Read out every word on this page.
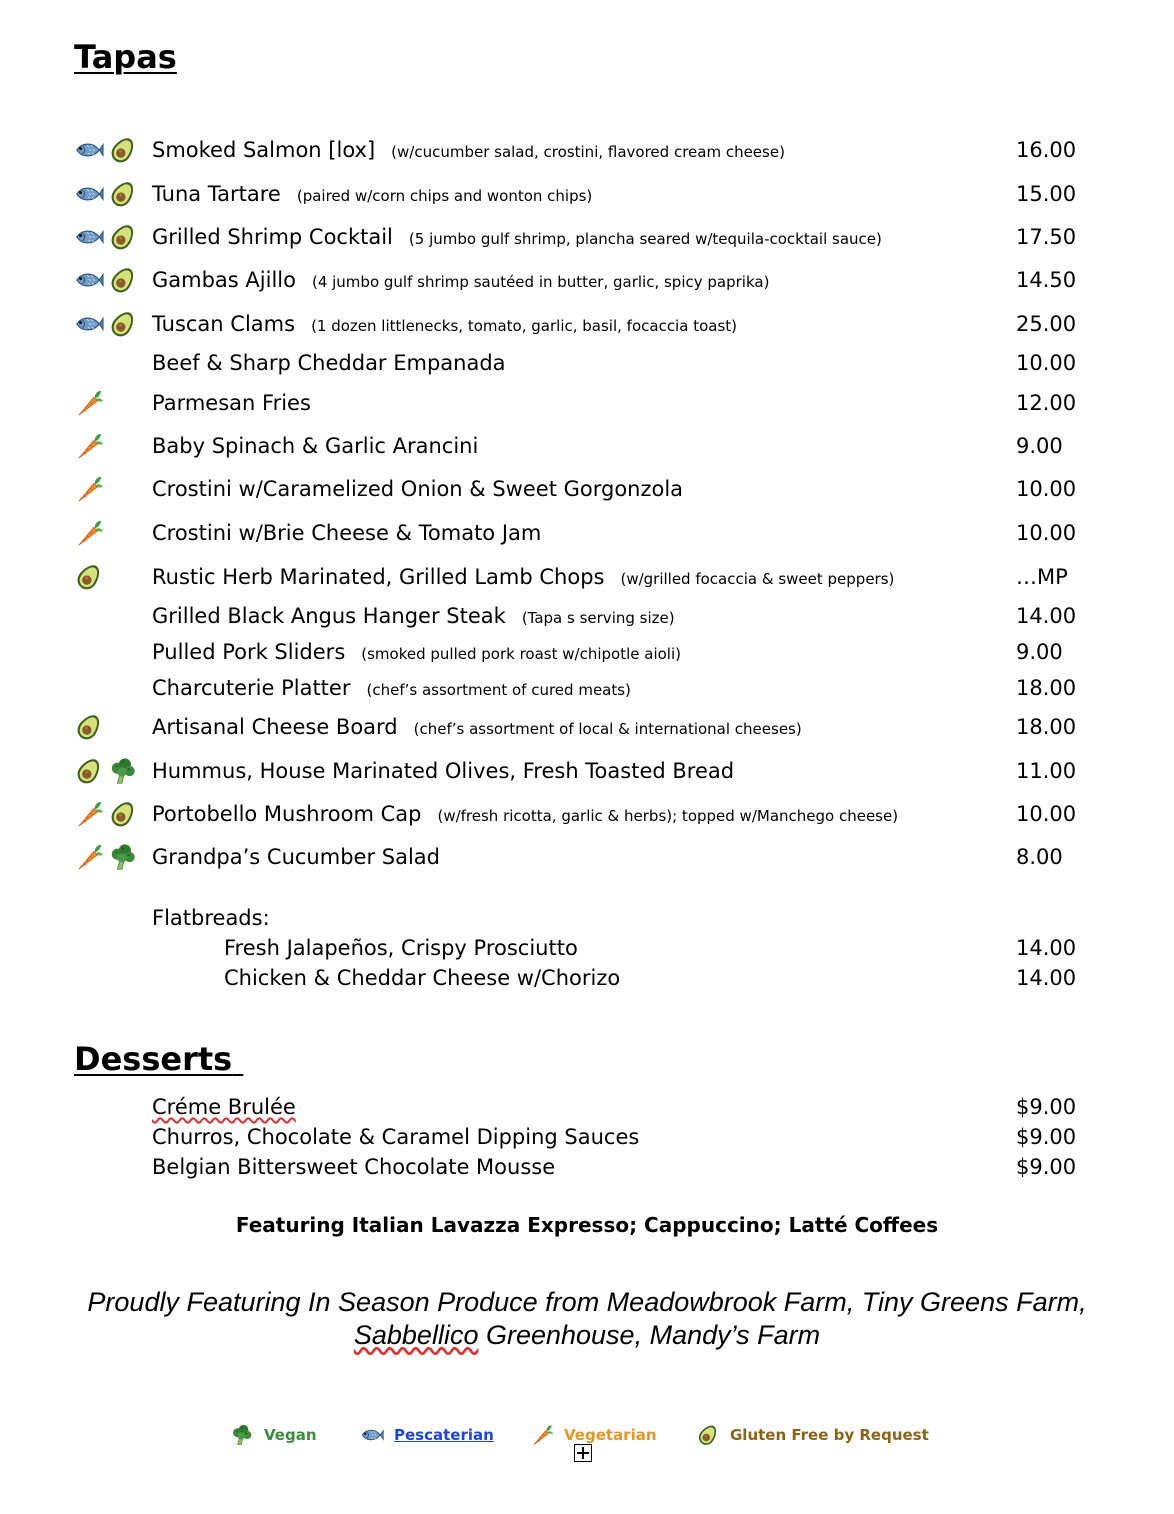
Tapas
Smoked Salmon [lox] (w/cucumber salad, crostini, flavored cream cheese)	16.00
Tuna Tartare (paired w/corn chips and wonton chips)	15.00
Grilled Shrimp Cocktail (5 jumbo gulf shrimp, plancha seared w/tequila-cocktail sauce)	17.50
Gambas Ajillo (4 jumbo gulf shrimp sautéed in butter, garlic, spicy paprika)	14.50
Tuscan Clams (1 dozen littlenecks, tomato, garlic, basil, focaccia toast)	25.00
Beef & Sharp Cheddar Empanada	10.00
Parmesan Fries	12.00
Baby Spinach & Garlic Arancini	9.00
Crostini w/Caramelized Onion & Sweet Gorgonzola	10.00
Crostini w/Brie Cheese & Tomato Jam	10.00
Rustic Herb Marinated, Grilled Lamb Chops (w/grilled focaccia & sweet peppers)	…MP
Grilled Black Angus Hanger Steak (Tapa s serving size)	14.00
Pulled Pork Sliders (smoked pulled pork roast w/chipotle aioli)	9.00
Charcuterie Platter (chef’s assortment of cured meats)	18.00
Artisanal Cheese Board (chef’s assortment of local & international cheeses)	18.00
Hummus, House Marinated Olives, Fresh Toasted Bread	11.00
Portobello Mushroom Cap (w/fresh ricotta, garlic & herbs); topped w/Manchego cheese)	10.00
Grandpa’s Cucumber Salad	8.00
Flatbreads:
Fresh Jalapeños, Crispy Prosciutto	14.00
Chicken & Cheddar Cheese w/Chorizo	14.00
Desserts
Créme Brulée	$9.00
Churros, Chocolate & Caramel Dipping Sauces	$9.00
Belgian Bittersweet Chocolate Mousse	$9.00
Featuring Italian Lavazza Expresso; Cappuccino; Latté Coffees
Proudly Featuring In Season Produce from Meadowbrook Farm, Tiny Greens Farm,
Sabbellico Greenhouse, Mandy’s Farm
Vegan	Pescaterian	Vegetarian	Gluten Free by Request
